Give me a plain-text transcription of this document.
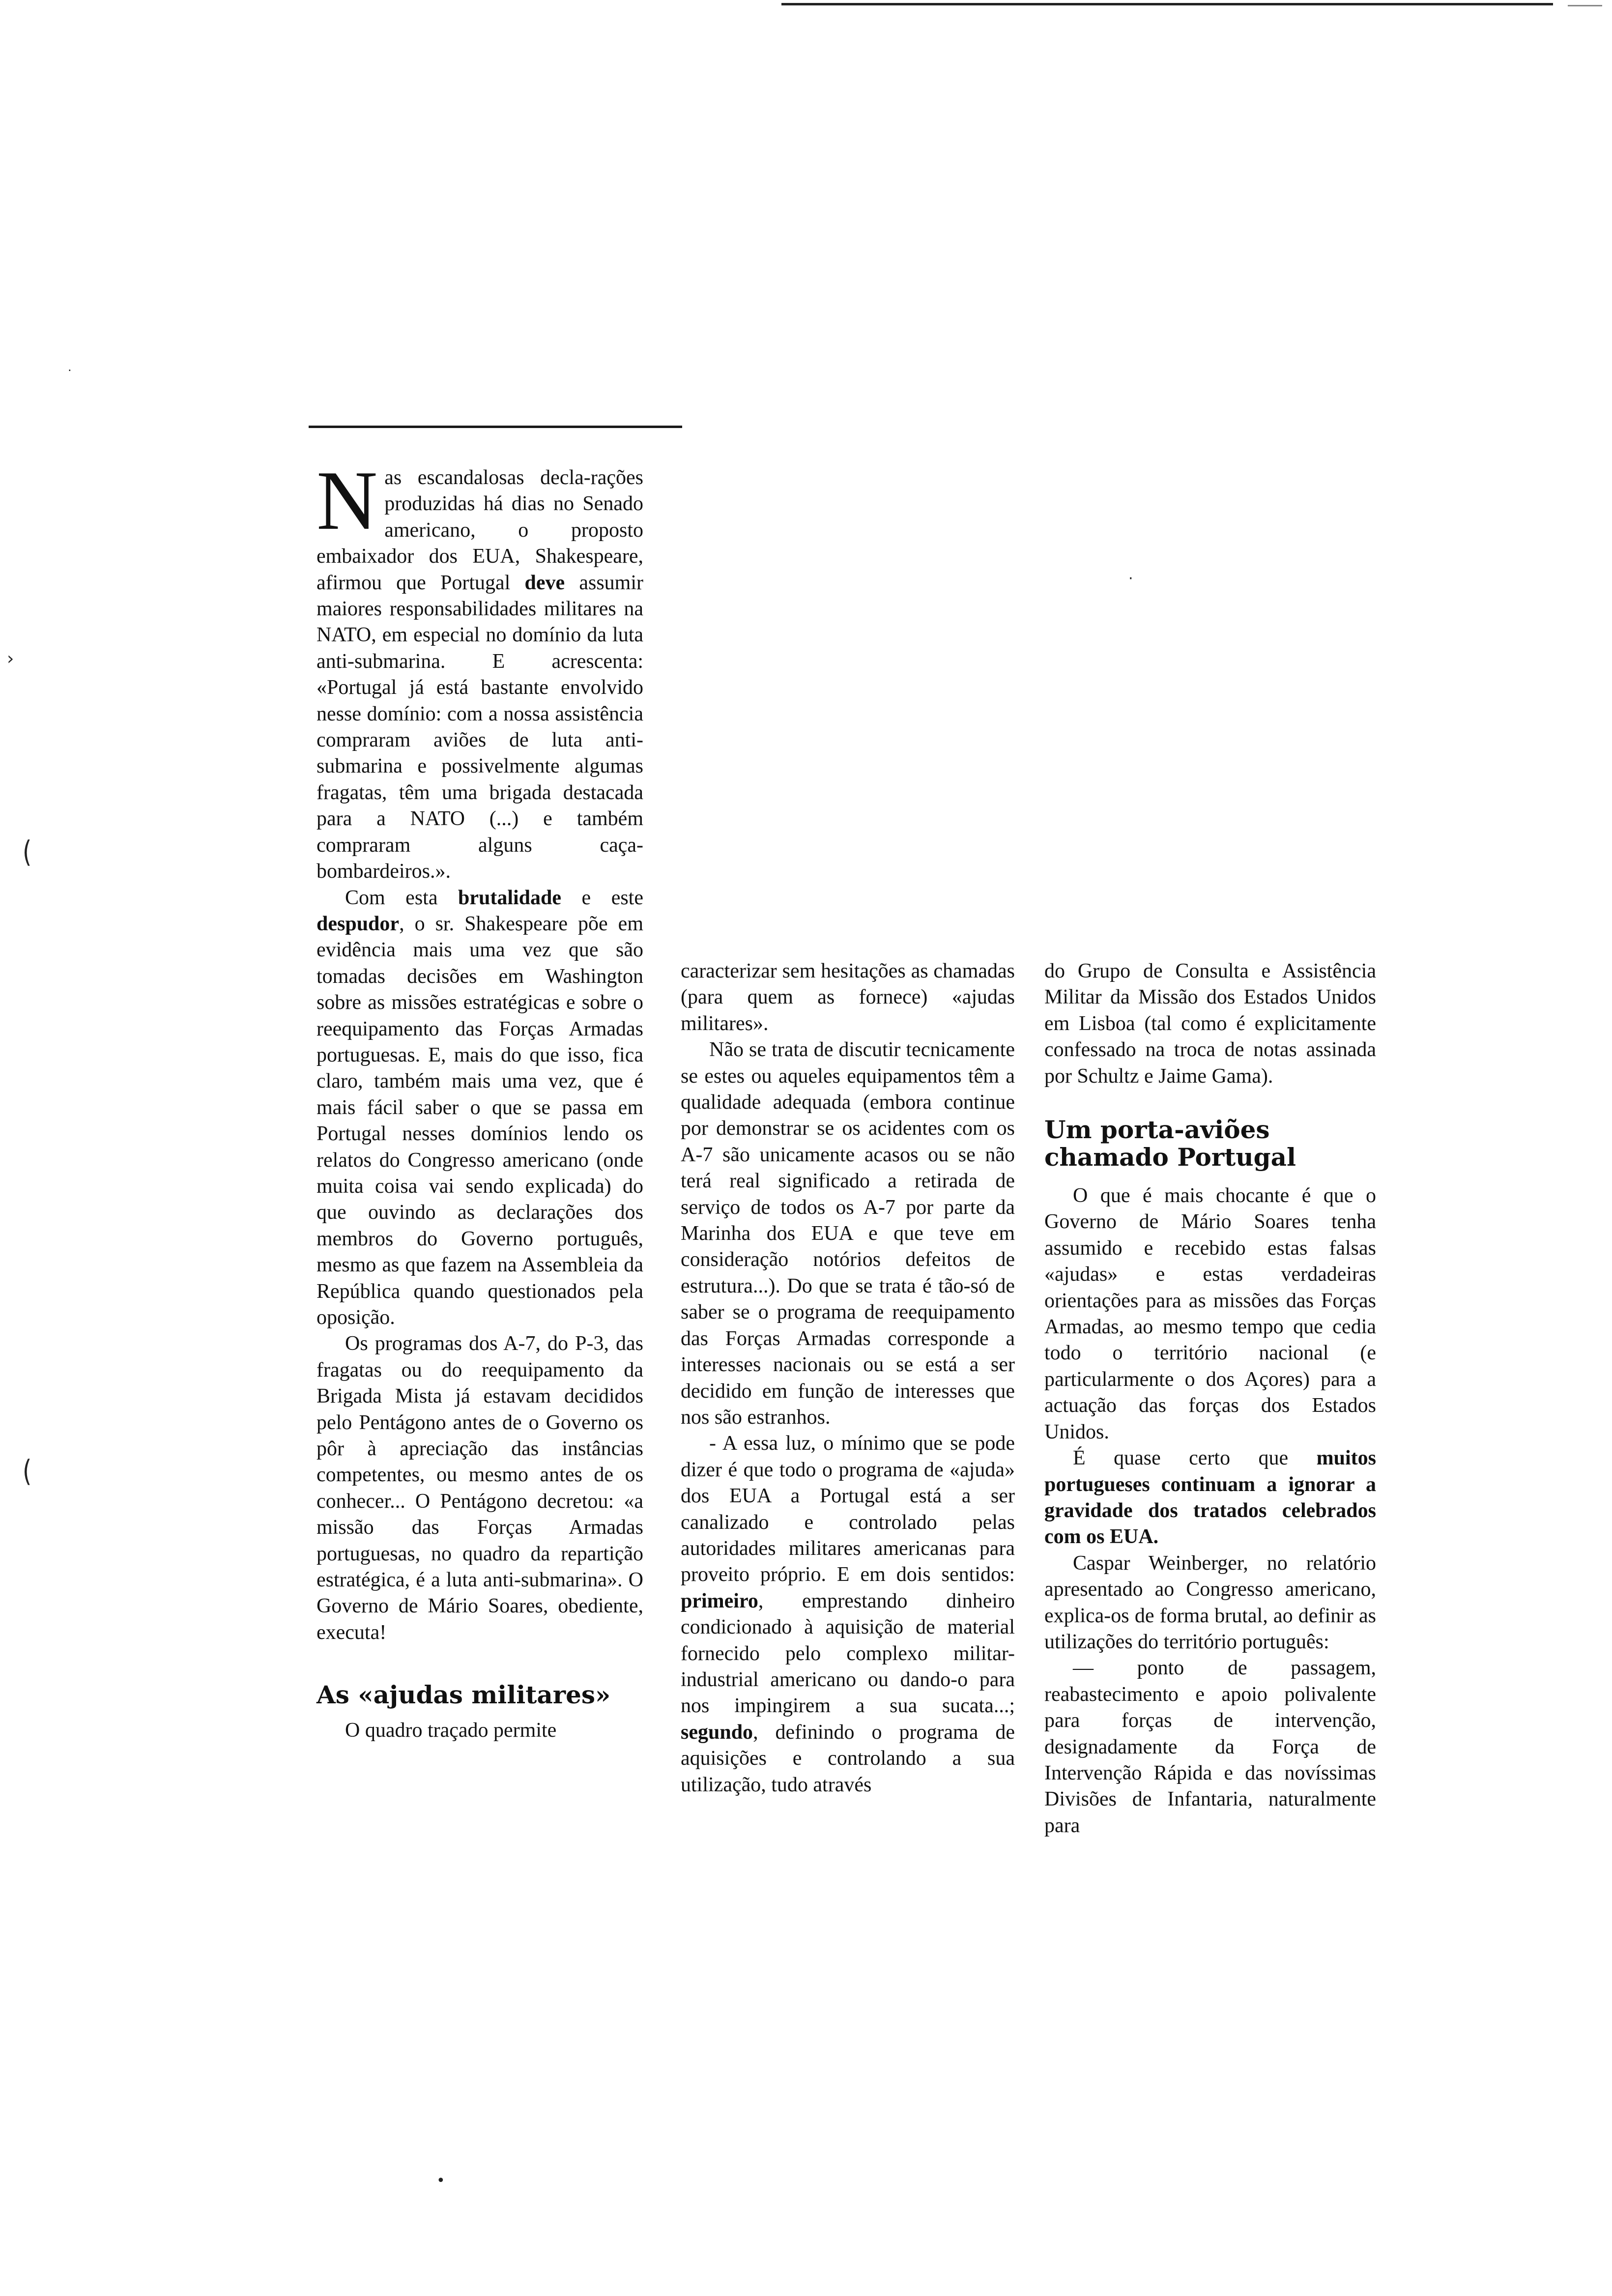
·
·
›
‿
‿
•

Nas escandalosas decla-rações produzidas há dias no Senado americano, o proposto embaixador dos EUA, Shakespeare, afirmou que Portugal deve assumir maiores responsabilidades militares na NATO, em especial no domínio da luta anti-submarina. E acrescenta: «Portugal já está bastante envolvido nesse domínio: com a nossa assistência compraram aviões de luta anti-submarina e possivelmente algumas fragatas, têm uma brigada destacada para a NATO (...) e também compraram alguns caça-bombardeiros.».

Com esta brutalidade e este despudor, o sr. Shakespeare põe em evidência mais uma vez que são tomadas decisões em Washington sobre as missões estratégicas e sobre o reequipamento das Forças Armadas portuguesas. E, mais do que isso, fica claro, também mais uma vez, que é mais fácil saber o que se passa em Portugal nesses domínios lendo os relatos do Congresso americano (onde muita coisa vai sendo explicada) do que ouvindo as declarações dos membros do Governo português, mesmo as que fazem na Assembleia da República quando questionados pela oposição.

Os programas dos A-7, do P-3, das fragatas ou do reequipamento da Brigada Mista já estavam decididos pelo Pentágono antes de o Governo os pôr à apreciação das instâncias competentes, ou mesmo antes de os conhecer... O Pentágono decretou: «a missão das Forças Armadas portuguesas, no quadro da repartição estratégica, é a luta anti-submarina». O Governo de Mário Soares, obediente, executa!

As «ajudas militares»

O quadro traçado permite

caracterizar sem hesitações as chamadas (para quem as fornece) «ajudas militares».

Não se trata de discutir tecnicamente se estes ou aqueles equipamentos têm a qualidade adequada (embora continue por demonstrar se os acidentes com os A-7 são unicamente acasos ou se não terá real significado a retirada de serviço de todos os A-7 por parte da Marinha dos EUA e que teve em consideração notórios defeitos de estrutura...). Do que se trata é tão-só de saber se o programa de reequipamento das Forças Armadas corresponde a interesses nacionais ou se está a ser decidido em função de interesses que nos são estranhos.

- A essa luz, o mínimo que se pode dizer é que todo o programa de «ajuda» dos EUA a Portugal está a ser canalizado e controlado pelas autoridades militares americanas para proveito próprio. E em dois sentidos: primeiro, emprestando dinheiro condicionado à aquisição de material fornecido pelo complexo militar-industrial americano ou dando-o para nos impingirem a sua sucata...; segundo, definindo o programa de aquisições e controlando a sua utilização, tudo através

do Grupo de Consulta e Assistência Militar da Missão dos Estados Unidos em Lisboa (tal como é explicitamente confessado na troca de notas assinada por Schultz e Jaime Gama).

Um porta-aviões chamado Portugal

O que é mais chocante é que o Governo de Mário Soares tenha assumido e recebido estas falsas «ajudas» e estas verdadeiras orientações para as missões das Forças Armadas, ao mesmo tempo que cedia todo o território nacional (e particularmente o dos Açores) para a actuação das forças dos Estados Unidos.

É quase certo que muitos portugueses continuam a ignorar a gravidade dos tratados celebrados com os EUA.

Caspar Weinberger, no relatório apresentado ao Congresso americano, explica-os de forma brutal, ao definir as utilizações do território português:

— ponto de passagem, reabastecimento e apoio polivalente para forças de intervenção, designadamente da Força de Intervenção Rápida e das novíssimas Divisões de Infantaria, naturalmente para
